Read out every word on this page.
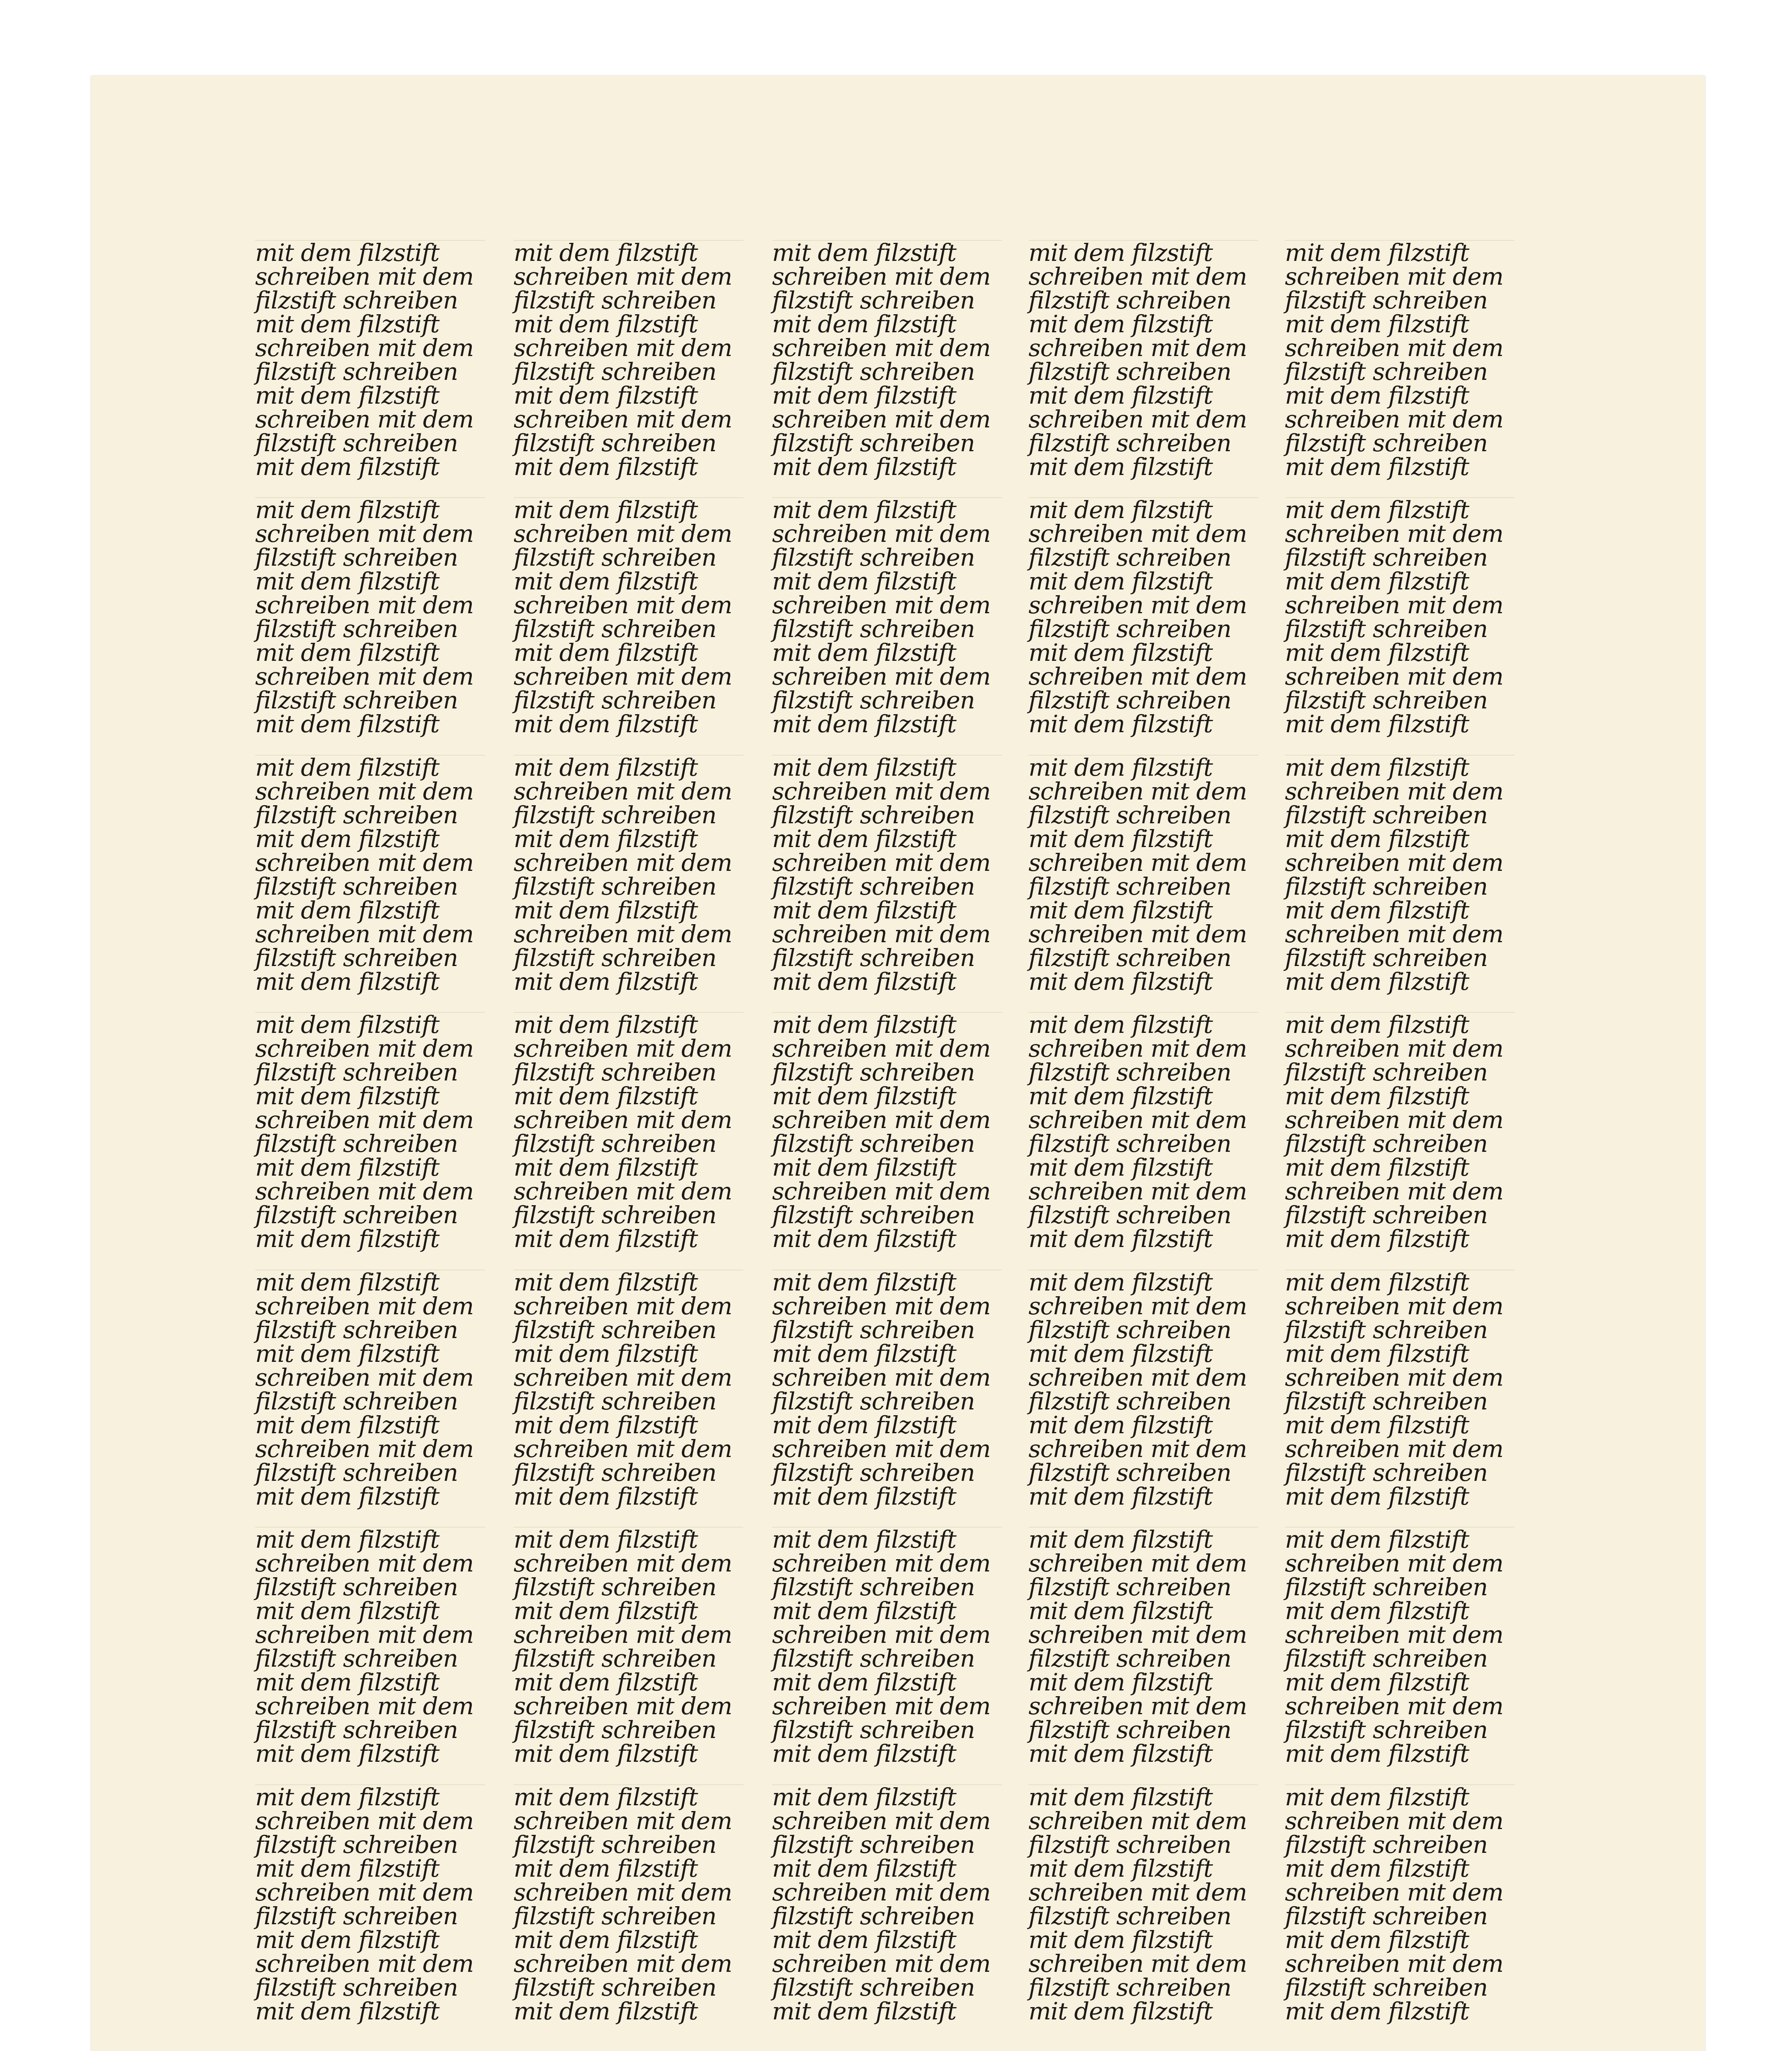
mit dem filzstift
schreiben mit dem
filzstift schreiben
mit dem filzstift
schreiben mit dem
filzstift schreiben
mit dem filzstift
schreiben mit dem
filzstift schreiben
mit dem filzstift
mit dem filzstift
schreiben mit dem
filzstift schreiben
mit dem filzstift
schreiben mit dem
filzstift schreiben
mit dem filzstift
schreiben mit dem
filzstift schreiben
mit dem filzstift
mit dem filzstift
schreiben mit dem
filzstift schreiben
mit dem filzstift
schreiben mit dem
filzstift schreiben
mit dem filzstift
schreiben mit dem
filzstift schreiben
mit dem filzstift
mit dem filzstift
schreiben mit dem
filzstift schreiben
mit dem filzstift
schreiben mit dem
filzstift schreiben
mit dem filzstift
schreiben mit dem
filzstift schreiben
mit dem filzstift
mit dem filzstift
schreiben mit dem
filzstift schreiben
mit dem filzstift
schreiben mit dem
filzstift schreiben
mit dem filzstift
schreiben mit dem
filzstift schreiben
mit dem filzstift
mit dem filzstift
schreiben mit dem
filzstift schreiben
mit dem filzstift
schreiben mit dem
filzstift schreiben
mit dem filzstift
schreiben mit dem
filzstift schreiben
mit dem filzstift
mit dem filzstift
schreiben mit dem
filzstift schreiben
mit dem filzstift
schreiben mit dem
filzstift schreiben
mit dem filzstift
schreiben mit dem
filzstift schreiben
mit dem filzstift
mit dem filzstift
schreiben mit dem
filzstift schreiben
mit dem filzstift
schreiben mit dem
filzstift schreiben
mit dem filzstift
schreiben mit dem
filzstift schreiben
mit dem filzstift
mit dem filzstift
schreiben mit dem
filzstift schreiben
mit dem filzstift
schreiben mit dem
filzstift schreiben
mit dem filzstift
schreiben mit dem
filzstift schreiben
mit dem filzstift
mit dem filzstift
schreiben mit dem
filzstift schreiben
mit dem filzstift
schreiben mit dem
filzstift schreiben
mit dem filzstift
schreiben mit dem
filzstift schreiben
mit dem filzstift
mit dem filzstift
schreiben mit dem
filzstift schreiben
mit dem filzstift
schreiben mit dem
filzstift schreiben
mit dem filzstift
schreiben mit dem
filzstift schreiben
mit dem filzstift
mit dem filzstift
schreiben mit dem
filzstift schreiben
mit dem filzstift
schreiben mit dem
filzstift schreiben
mit dem filzstift
schreiben mit dem
filzstift schreiben
mit dem filzstift
mit dem filzstift
schreiben mit dem
filzstift schreiben
mit dem filzstift
schreiben mit dem
filzstift schreiben
mit dem filzstift
schreiben mit dem
filzstift schreiben
mit dem filzstift
mit dem filzstift
schreiben mit dem
filzstift schreiben
mit dem filzstift
schreiben mit dem
filzstift schreiben
mit dem filzstift
schreiben mit dem
filzstift schreiben
mit dem filzstift
mit dem filzstift
schreiben mit dem
filzstift schreiben
mit dem filzstift
schreiben mit dem
filzstift schreiben
mit dem filzstift
schreiben mit dem
filzstift schreiben
mit dem filzstift
mit dem filzstift
schreiben mit dem
filzstift schreiben
mit dem filzstift
schreiben mit dem
filzstift schreiben
mit dem filzstift
schreiben mit dem
filzstift schreiben
mit dem filzstift
mit dem filzstift
schreiben mit dem
filzstift schreiben
mit dem filzstift
schreiben mit dem
filzstift schreiben
mit dem filzstift
schreiben mit dem
filzstift schreiben
mit dem filzstift
mit dem filzstift
schreiben mit dem
filzstift schreiben
mit dem filzstift
schreiben mit dem
filzstift schreiben
mit dem filzstift
schreiben mit dem
filzstift schreiben
mit dem filzstift
mit dem filzstift
schreiben mit dem
filzstift schreiben
mit dem filzstift
schreiben mit dem
filzstift schreiben
mit dem filzstift
schreiben mit dem
filzstift schreiben
mit dem filzstift
mit dem filzstift
schreiben mit dem
filzstift schreiben
mit dem filzstift
schreiben mit dem
filzstift schreiben
mit dem filzstift
schreiben mit dem
filzstift schreiben
mit dem filzstift
mit dem filzstift
schreiben mit dem
filzstift schreiben
mit dem filzstift
schreiben mit dem
filzstift schreiben
mit dem filzstift
schreiben mit dem
filzstift schreiben
mit dem filzstift
mit dem filzstift
schreiben mit dem
filzstift schreiben
mit dem filzstift
schreiben mit dem
filzstift schreiben
mit dem filzstift
schreiben mit dem
filzstift schreiben
mit dem filzstift
mit dem filzstift
schreiben mit dem
filzstift schreiben
mit dem filzstift
schreiben mit dem
filzstift schreiben
mit dem filzstift
schreiben mit dem
filzstift schreiben
mit dem filzstift
mit dem filzstift
schreiben mit dem
filzstift schreiben
mit dem filzstift
schreiben mit dem
filzstift schreiben
mit dem filzstift
schreiben mit dem
filzstift schreiben
mit dem filzstift
mit dem filzstift
schreiben mit dem
filzstift schreiben
mit dem filzstift
schreiben mit dem
filzstift schreiben
mit dem filzstift
schreiben mit dem
filzstift schreiben
mit dem filzstift
mit dem filzstift
schreiben mit dem
filzstift schreiben
mit dem filzstift
schreiben mit dem
filzstift schreiben
mit dem filzstift
schreiben mit dem
filzstift schreiben
mit dem filzstift
mit dem filzstift
schreiben mit dem
filzstift schreiben
mit dem filzstift
schreiben mit dem
filzstift schreiben
mit dem filzstift
schreiben mit dem
filzstift schreiben
mit dem filzstift
mit dem filzstift
schreiben mit dem
filzstift schreiben
mit dem filzstift
schreiben mit dem
filzstift schreiben
mit dem filzstift
schreiben mit dem
filzstift schreiben
mit dem filzstift
mit dem filzstift
schreiben mit dem
filzstift schreiben
mit dem filzstift
schreiben mit dem
filzstift schreiben
mit dem filzstift
schreiben mit dem
filzstift schreiben
mit dem filzstift
mit dem filzstift
schreiben mit dem
filzstift schreiben
mit dem filzstift
schreiben mit dem
filzstift schreiben
mit dem filzstift
schreiben mit dem
filzstift schreiben
mit dem filzstift
mit dem filzstift
schreiben mit dem
filzstift schreiben
mit dem filzstift
schreiben mit dem
filzstift schreiben
mit dem filzstift
schreiben mit dem
filzstift schreiben
mit dem filzstift
mit dem filzstift
schreiben mit dem
filzstift schreiben
mit dem filzstift
schreiben mit dem
filzstift schreiben
mit dem filzstift
schreiben mit dem
filzstift schreiben
mit dem filzstift
mit dem filzstift
schreiben mit dem
filzstift schreiben
mit dem filzstift
schreiben mit dem
filzstift schreiben
mit dem filzstift
schreiben mit dem
filzstift schreiben
mit dem filzstift
mit dem filzstift
schreiben mit dem
filzstift schreiben
mit dem filzstift
schreiben mit dem
filzstift schreiben
mit dem filzstift
schreiben mit dem
filzstift schreiben
mit dem filzstift
mit dem filzstift
schreiben mit dem
filzstift schreiben
mit dem filzstift
schreiben mit dem
filzstift schreiben
mit dem filzstift
schreiben mit dem
filzstift schreiben
mit dem filzstift
